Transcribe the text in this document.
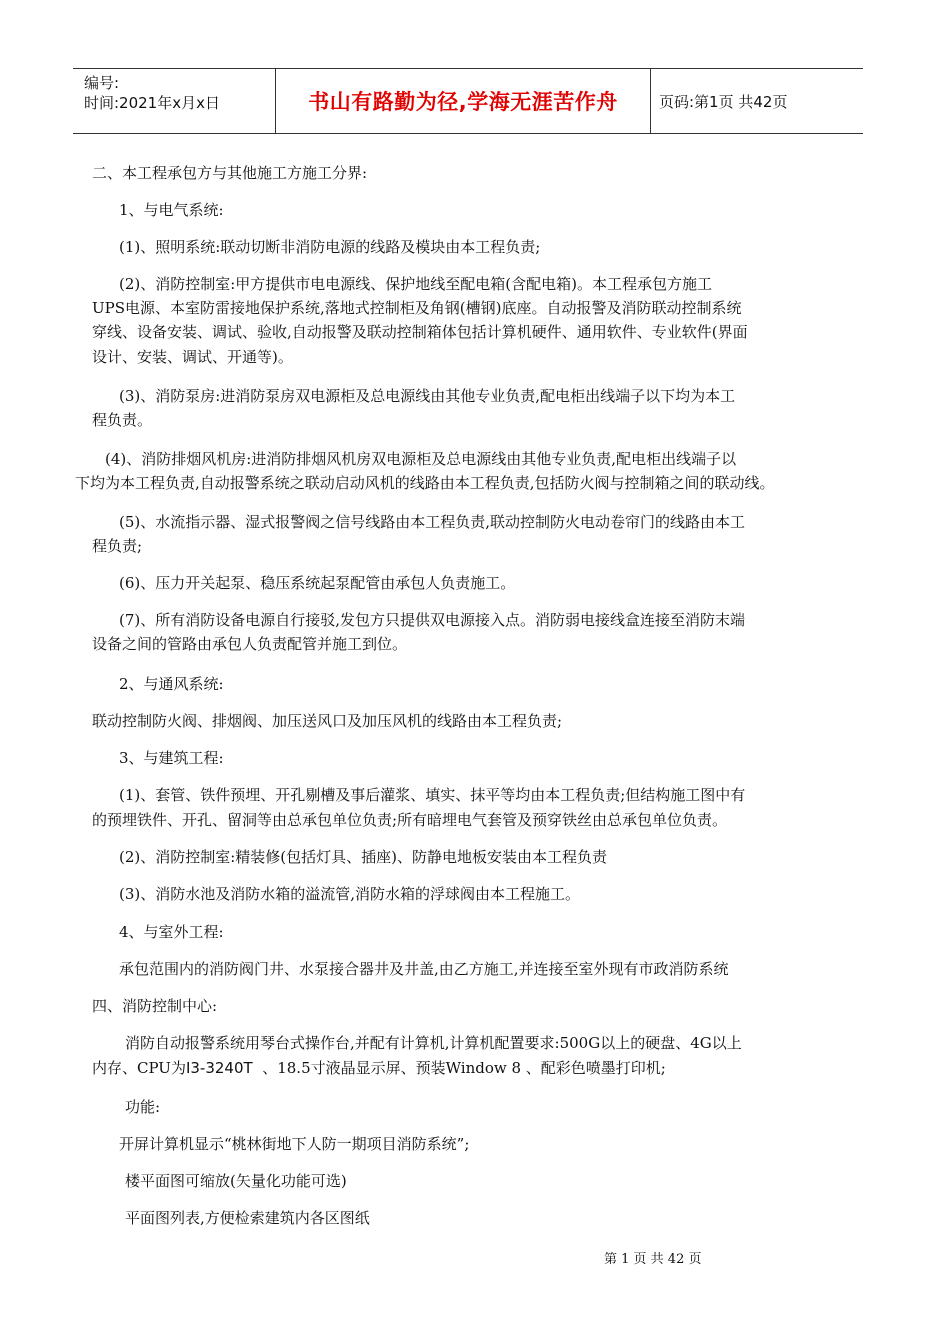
编号:
时间:2021年x月x日	书山有路勤为径,学海无涯苦作舟	页码:第1页 共42页
二、本工程承包方与其他施工方施工分界:
1、与电气系统:
(1)、照明系统:联动切断非消防电源的线路及模块由本工程负责;
(2)、消防控制室:甲方提供市电电源线、保护地线至配电箱(含配电箱)。本工程承包方施工
UPS电源、本室防雷接地保护系统,落地式控制柜及角钢(槽钢)底座。自动报警及消防联动控制系统
穿线、设备安装、调试、验收,自动报警及联动控制箱体包括计算机硬件、通用软件、专业软件(界面
设计、安装、调试、开通等)。
(3)、消防泵房:进消防泵房双电源柜及总电源线由其他专业负责,配电柜出线端子以下均为本工
程负责。
(4)、消防排烟风机房:进消防排烟风机房双电源柜及总电源线由其他专业负责,配电柜出线端子以
下均为本工程负责,自动报警系统之联动启动风机的线路由本工程负责,包括防火阀与控制箱之间的联动线。
(5)、水流指示器、湿式报警阀之信号线路由本工程负责,联动控制防火电动卷帘门的线路由本工
程负责;
(6)、压力开关起泵、稳压系统起泵配管由承包人负责施工。
(7)、所有消防设备电源自行接驳,发包方只提供双电源接入点。消防弱电接线盒连接至消防末端
设备之间的管路由承包人负责配管并施工到位。
2、与通风系统:
联动控制防火阀、排烟阀、加压送风口及加压风机的线路由本工程负责;
3、与建筑工程:
(1)、套管、铁件预埋、开孔剔槽及事后灌浆、填实、抹平等均由本工程负责;但结构施工图中有
的预埋铁件、开孔、留洞等由总承包单位负责;所有暗埋电气套管及预穿铁丝由总承包单位负责。
(2)、消防控制室:精装修(包括灯具、插座)、防静电地板安装由本工程负责
(3)、消防水池及消防水箱的溢流管,消防水箱的浮球阀由本工程施工。
4、与室外工程:
承包范围内的消防阀门井、水泵接合器井及井盖,由乙方施工,并连接至室外现有市政消防系统
四、消防控制中心:
消防自动报警系统用琴台式操作台,并配有计算机,计算机配置要求:500G以上的硬盘、4G以上
内存、CPU为I3-3240T 、18.5寸液晶显示屏、预装Window 8 、配彩色喷墨打印机;
功能:
开屏计算机显示“桃林街地下人防一期项目消防系统”;
楼平面图可缩放(矢量化功能可选)
平面图列表,方便检索建筑内各区图纸
第 1 页 共 42 页
